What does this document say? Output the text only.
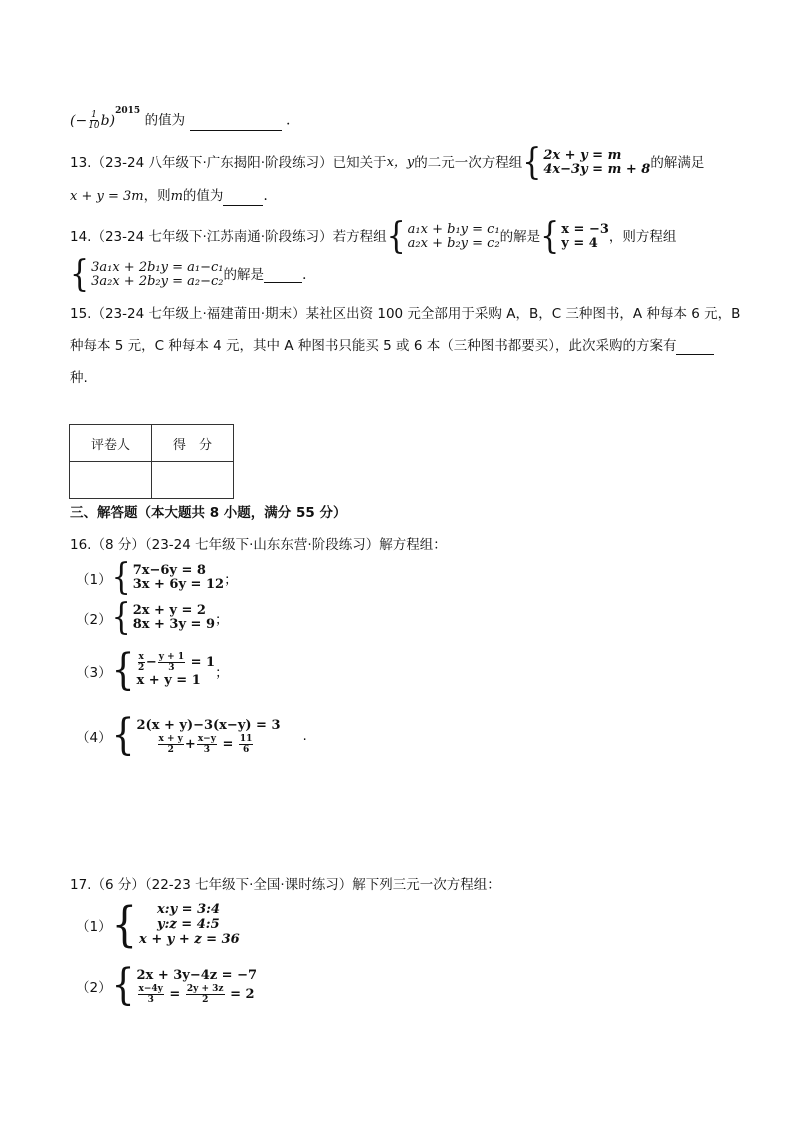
(− $\frac{1}{10} b)^{2015}$ 的值为	.
13.（23-24 八年级下·广东揭阳·阶段练习）已知关于 x，y 的二元一次方程组 { 2x + y = m
4x−3y = m + 8 的解满足
x + y = 3m，则m的值为	.
14.（23-24 七年级下·江苏南通·阶段练习）若方程组 { a₁x + b₁y = c₁
a₂x + b₂y = c₂ 的解是 { x = −3
y = 4 ，则方程组
{ 3a₁x + 2b₁y = a₁−c₁
3a₂x + 2b₂y = a₂−c₂ 的解是	.
15.（23-24 七年级上·福建莆田·期末）某社区出资 100 元全部用于采购 A，B，C 三种图书，A 种每本 6 元，B
种每本 5 元，C 种每本 4 元，其中 A 种图书只能买 5 或 6 本（三种图书都要买），此次采购的方案有
种.
评卷人	得　分

三、解答题（本大题共 8 小题，满分 55 分）
16.（8 分）（23-24 七年级下·山东东营·阶段练习）解方程组：
（1） { 7x−6y = 8
3x + 6y = 12 ；
（2） { 2x + y = 2
8x + 3y = 9 ；
（3） { $\frac{x}{2} - \frac{y + 1}{3} = 1$
x + y = 1	；
（4） { 2(x + y)−3(x−y) = 3
$\frac{x + y}{2} + \frac{x-y}{3} = \frac{11}{6}$	.
17.（6 分）（22-23 七年级下·全国·课时练习）解下列三元一次方程组：
（1） {	x:y = 3:4
y:z = 4:5
x + y + z = 36
（2） { 2x + 3y−4z = −7
$\frac{x-4y}{3} = \frac{2y + 3z}{2} = 2$
